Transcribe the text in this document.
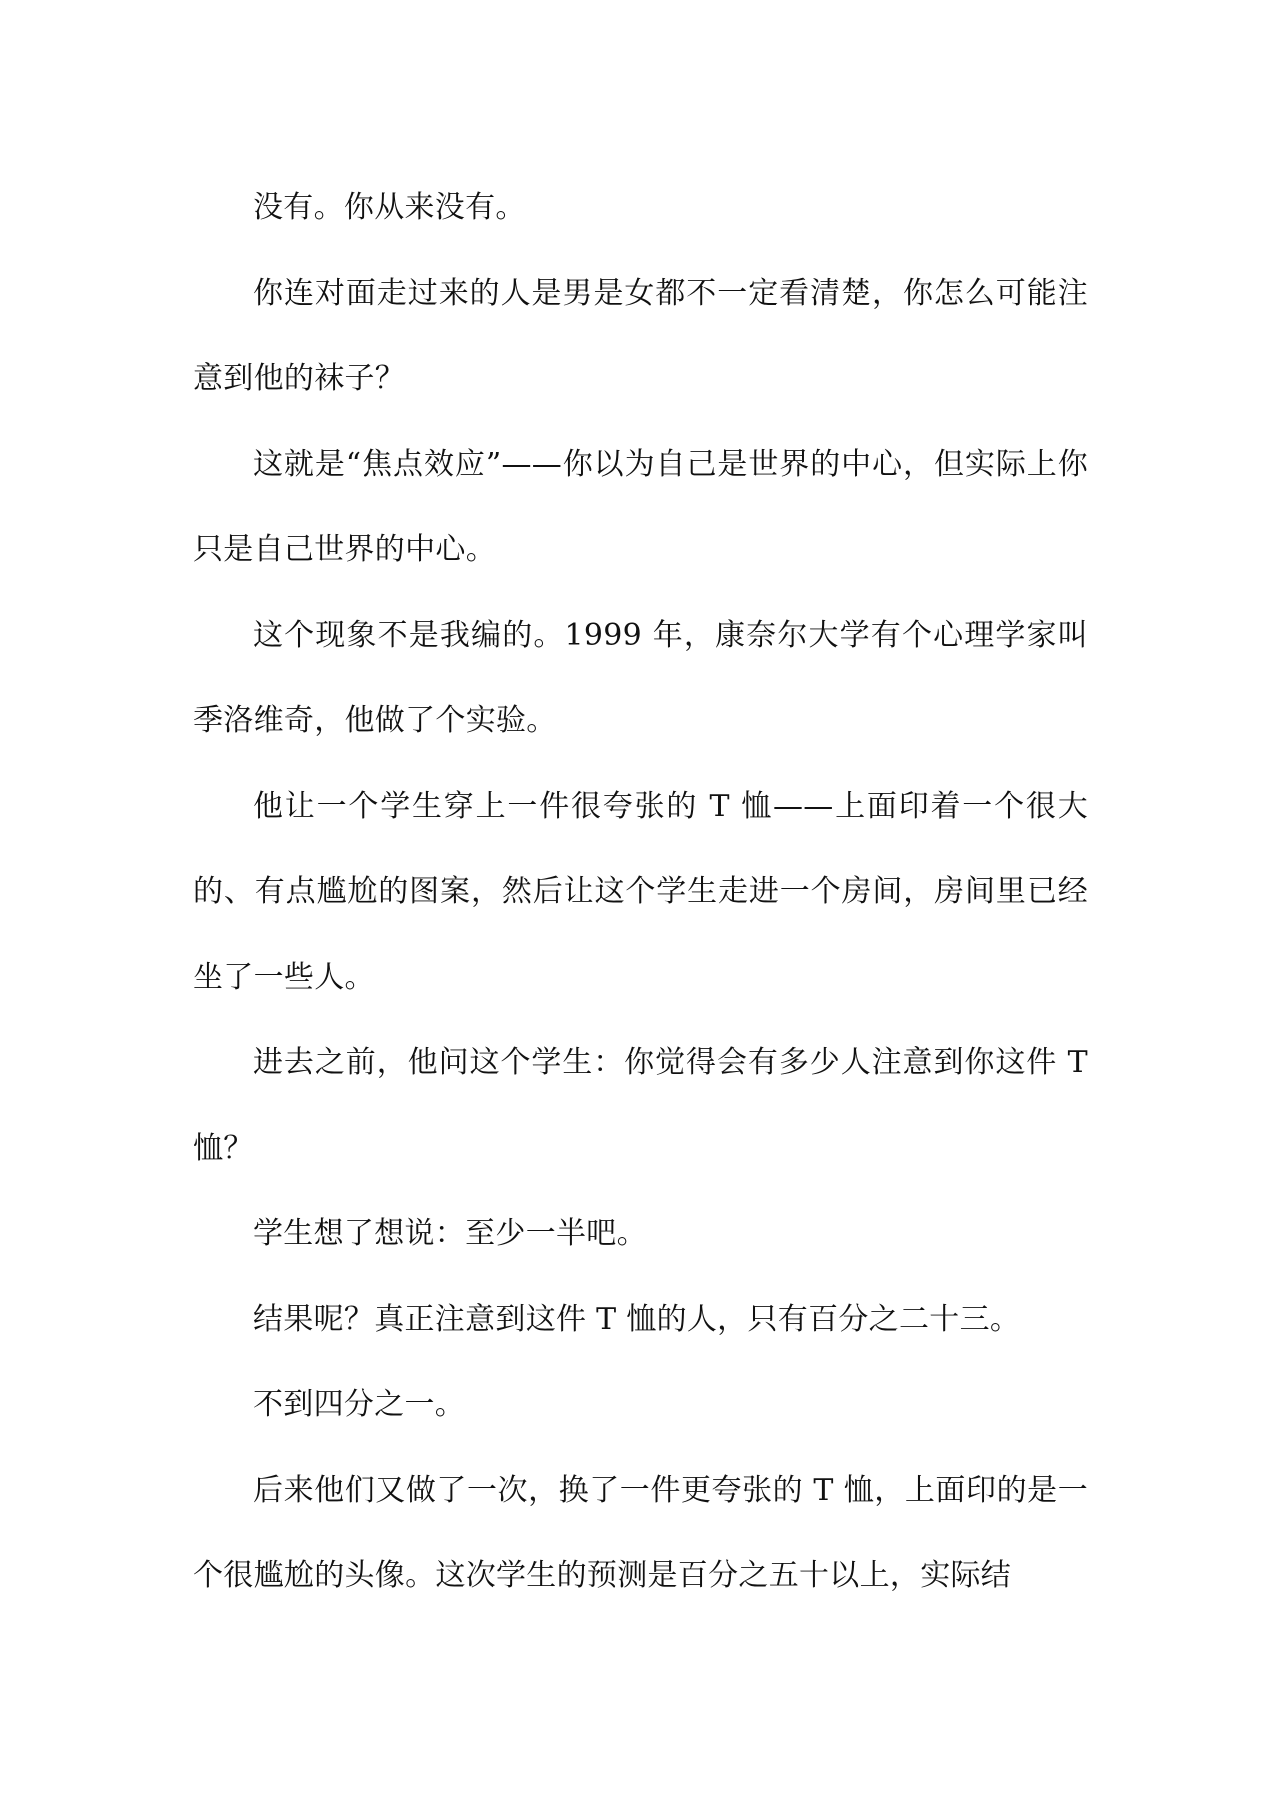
没有。你从来没有。

你连对面走过来的人是男是女都不一定看清楚，你怎么可能注意到他的袜子？

这就是“焦点效应”——你以为自己是世界的中心，但实际上你只是自己世界的中心。

这个现象不是我编的。1999 年，康奈尔大学有个心理学家叫季洛维奇，他做了个实验。

他让一个学生穿上一件很夸张的 T 恤——上面印着一个很大的、有点尴尬的图案，然后让这个学生走进一个房间，房间里已经坐了一些人。

进去之前，他问这个学生：你觉得会有多少人注意到你这件 T 恤？

学生想了想说：至少一半吧。

结果呢？真正注意到这件 T 恤的人，只有百分之二十三。

不到四分之一。

后来他们又做了一次，换了一件更夸张的 T 恤，上面印的是一个很尴尬的头像。这次学生的预测是百分之五十以上，实际结
